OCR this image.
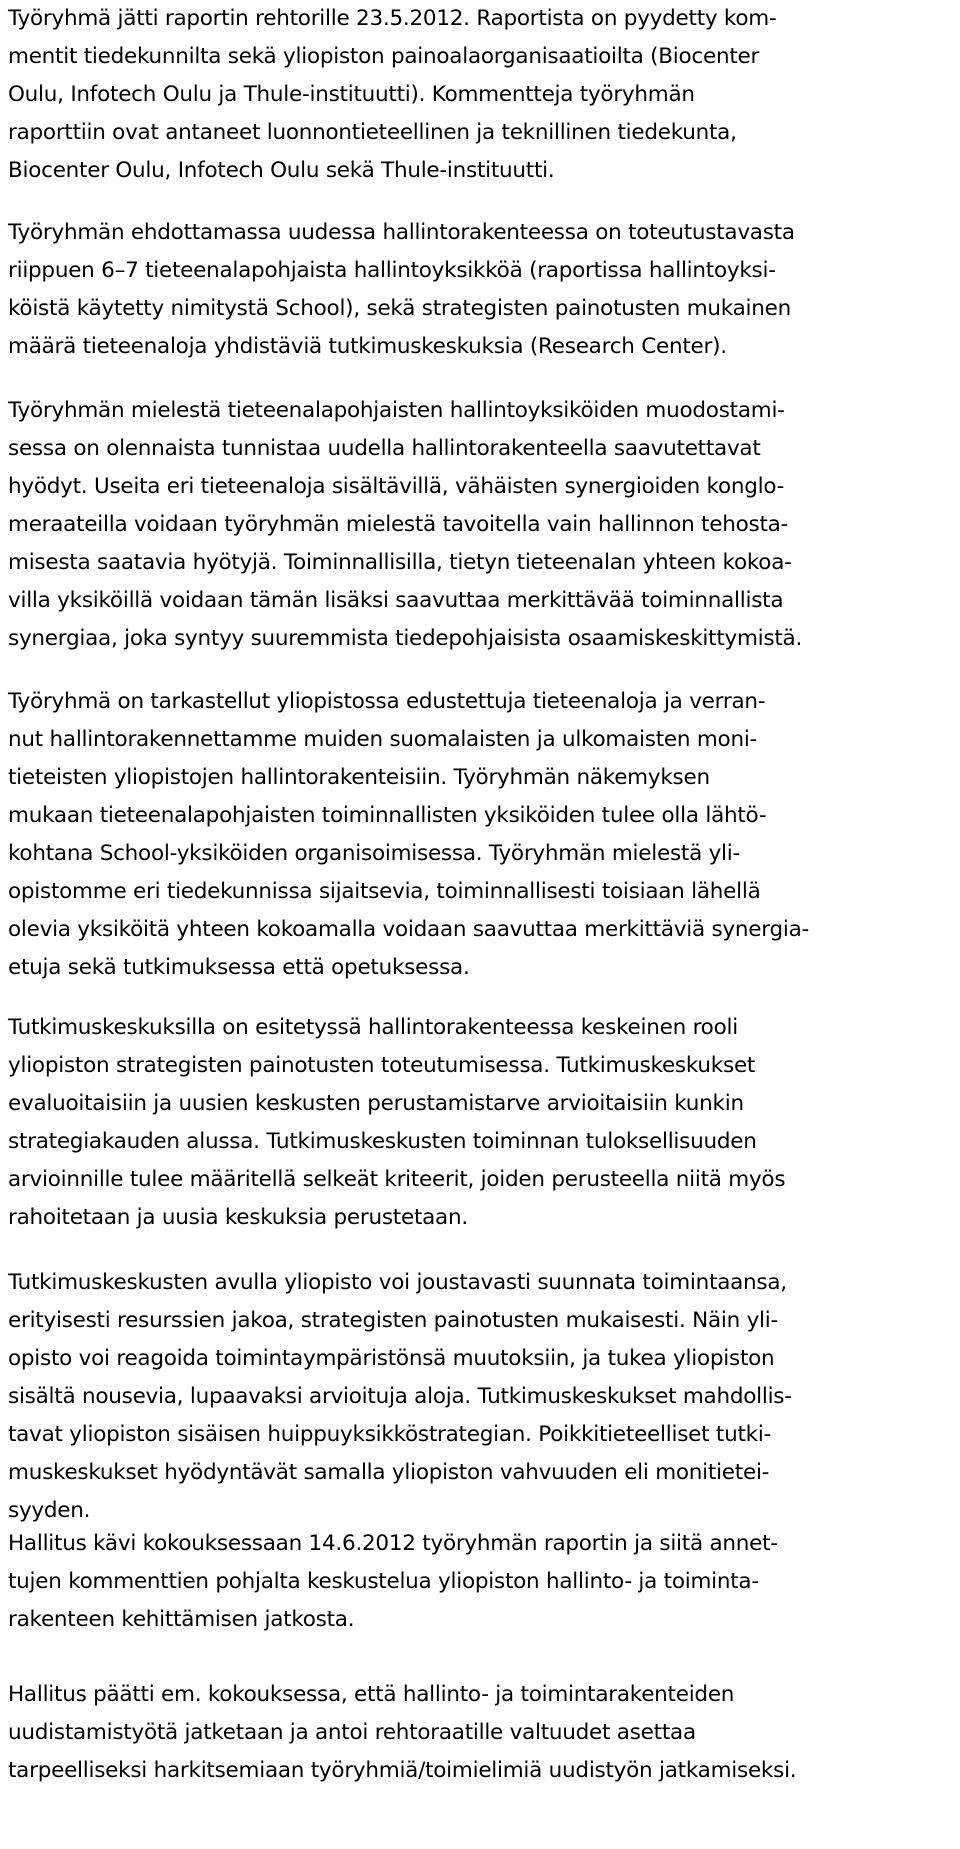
Työryhmä jätti raportin rehtorille 23.5.2012. Raportista on pyydetty kom-
mentit tiedekunnilta sekä yliopiston painoalaorganisaatioilta (Biocenter
Oulu, Infotech Oulu ja Thule-instituutti). Kommentteja työryhmän
raporttiin ovat antaneet luonnontieteellinen ja teknillinen tiedekunta,
Biocenter Oulu, Infotech Oulu sekä Thule-instituutti.

Työryhmän ehdottamassa uudessa hallintorakenteessa on toteutustavasta
riippuen 6–7 tieteenalapohjaista hallintoyksikköä (raportissa hallintoyksi-
köistä käytetty nimitystä School), sekä strategisten painotusten mukainen
määrä tieteenaloja yhdistäviä tutkimuskeskuksia (Research Center).

Työryhmän mielestä tieteenalapohjaisten hallintoyksiköiden muodostami-
sessa on olennaista tunnistaa uudella hallintorakenteella saavutettavat
hyödyt. Useita eri tieteenaloja sisältävillä, vähäisten synergioiden konglo-
meraateilla voidaan työryhmän mielestä tavoitella vain hallinnon tehosta-
misesta saatavia hyötyjä. Toiminnallisilla, tietyn tieteenalan yhteen kokoa-
villa yksiköillä voidaan tämän lisäksi saavuttaa merkittävää toiminnallista
synergiaa, joka syntyy suuremmista tiedepohjaisista osaamiskeskittymistä.

Työryhmä on tarkastellut yliopistossa edustettuja tieteenaloja ja verran-
nut hallintorakennettamme muiden suomalaisten ja ulkomaisten moni-
tieteisten yliopistojen hallintorakenteisiin. Työryhmän näkemyksen
mukaan tieteenalapohjaisten toiminnallisten yksiköiden tulee olla lähtö-
kohtana School-yksiköiden organisoimisessa. Työryhmän mielestä yli-
opistomme eri tiedekunnissa sijaitsevia, toiminnallisesti toisiaan lähellä
olevia yksiköitä yhteen kokoamalla voidaan saavuttaa merkittäviä synergia-
etuja sekä tutkimuksessa että opetuksessa.

Tutkimuskeskuksilla on esitetyssä hallintorakenteessa keskeinen rooli
yliopiston strategisten painotusten toteutumisessa. Tutkimuskeskukset
evaluoitaisiin ja uusien keskusten perustamistarve arvioitaisiin kunkin
strategiakauden alussa. Tutkimuskeskusten toiminnan tuloksellisuuden
arvioinnille tulee määritellä selkeät kriteerit, joiden perusteella niitä myös
rahoitetaan ja uusia keskuksia perustetaan.

Tutkimuskeskusten avulla yliopisto voi joustavasti suunnata toimintaansa,
erityisesti resurssien jakoa, strategisten painotusten mukaisesti. Näin yli-
opisto voi reagoida toimintaympäristönsä muutoksiin, ja tukea yliopiston
sisältä nousevia, lupaavaksi arvioituja aloja. Tutkimuskeskukset mahdollis-
tavat yliopiston sisäisen huippuyksikköstrategian. Poikkitieteelliset tutki-
muskeskukset hyödyntävät samalla yliopiston vahvuuden eli monitietei-
syyden.

Hallitus kävi kokouksessaan 14.6.2012 työryhmän raportin ja siitä annet-
tujen kommenttien pohjalta keskustelua yliopiston hallinto- ja toiminta-
rakenteen kehittämisen jatkosta.

Hallitus päätti em. kokouksessa, että hallinto- ja toimintarakenteiden
uudistamistyötä jatketaan ja antoi rehtoraatille valtuudet asettaa
tarpeelliseksi harkitsemiaan työryhmiä/toimielimiä uudistyön jatkamiseksi.
